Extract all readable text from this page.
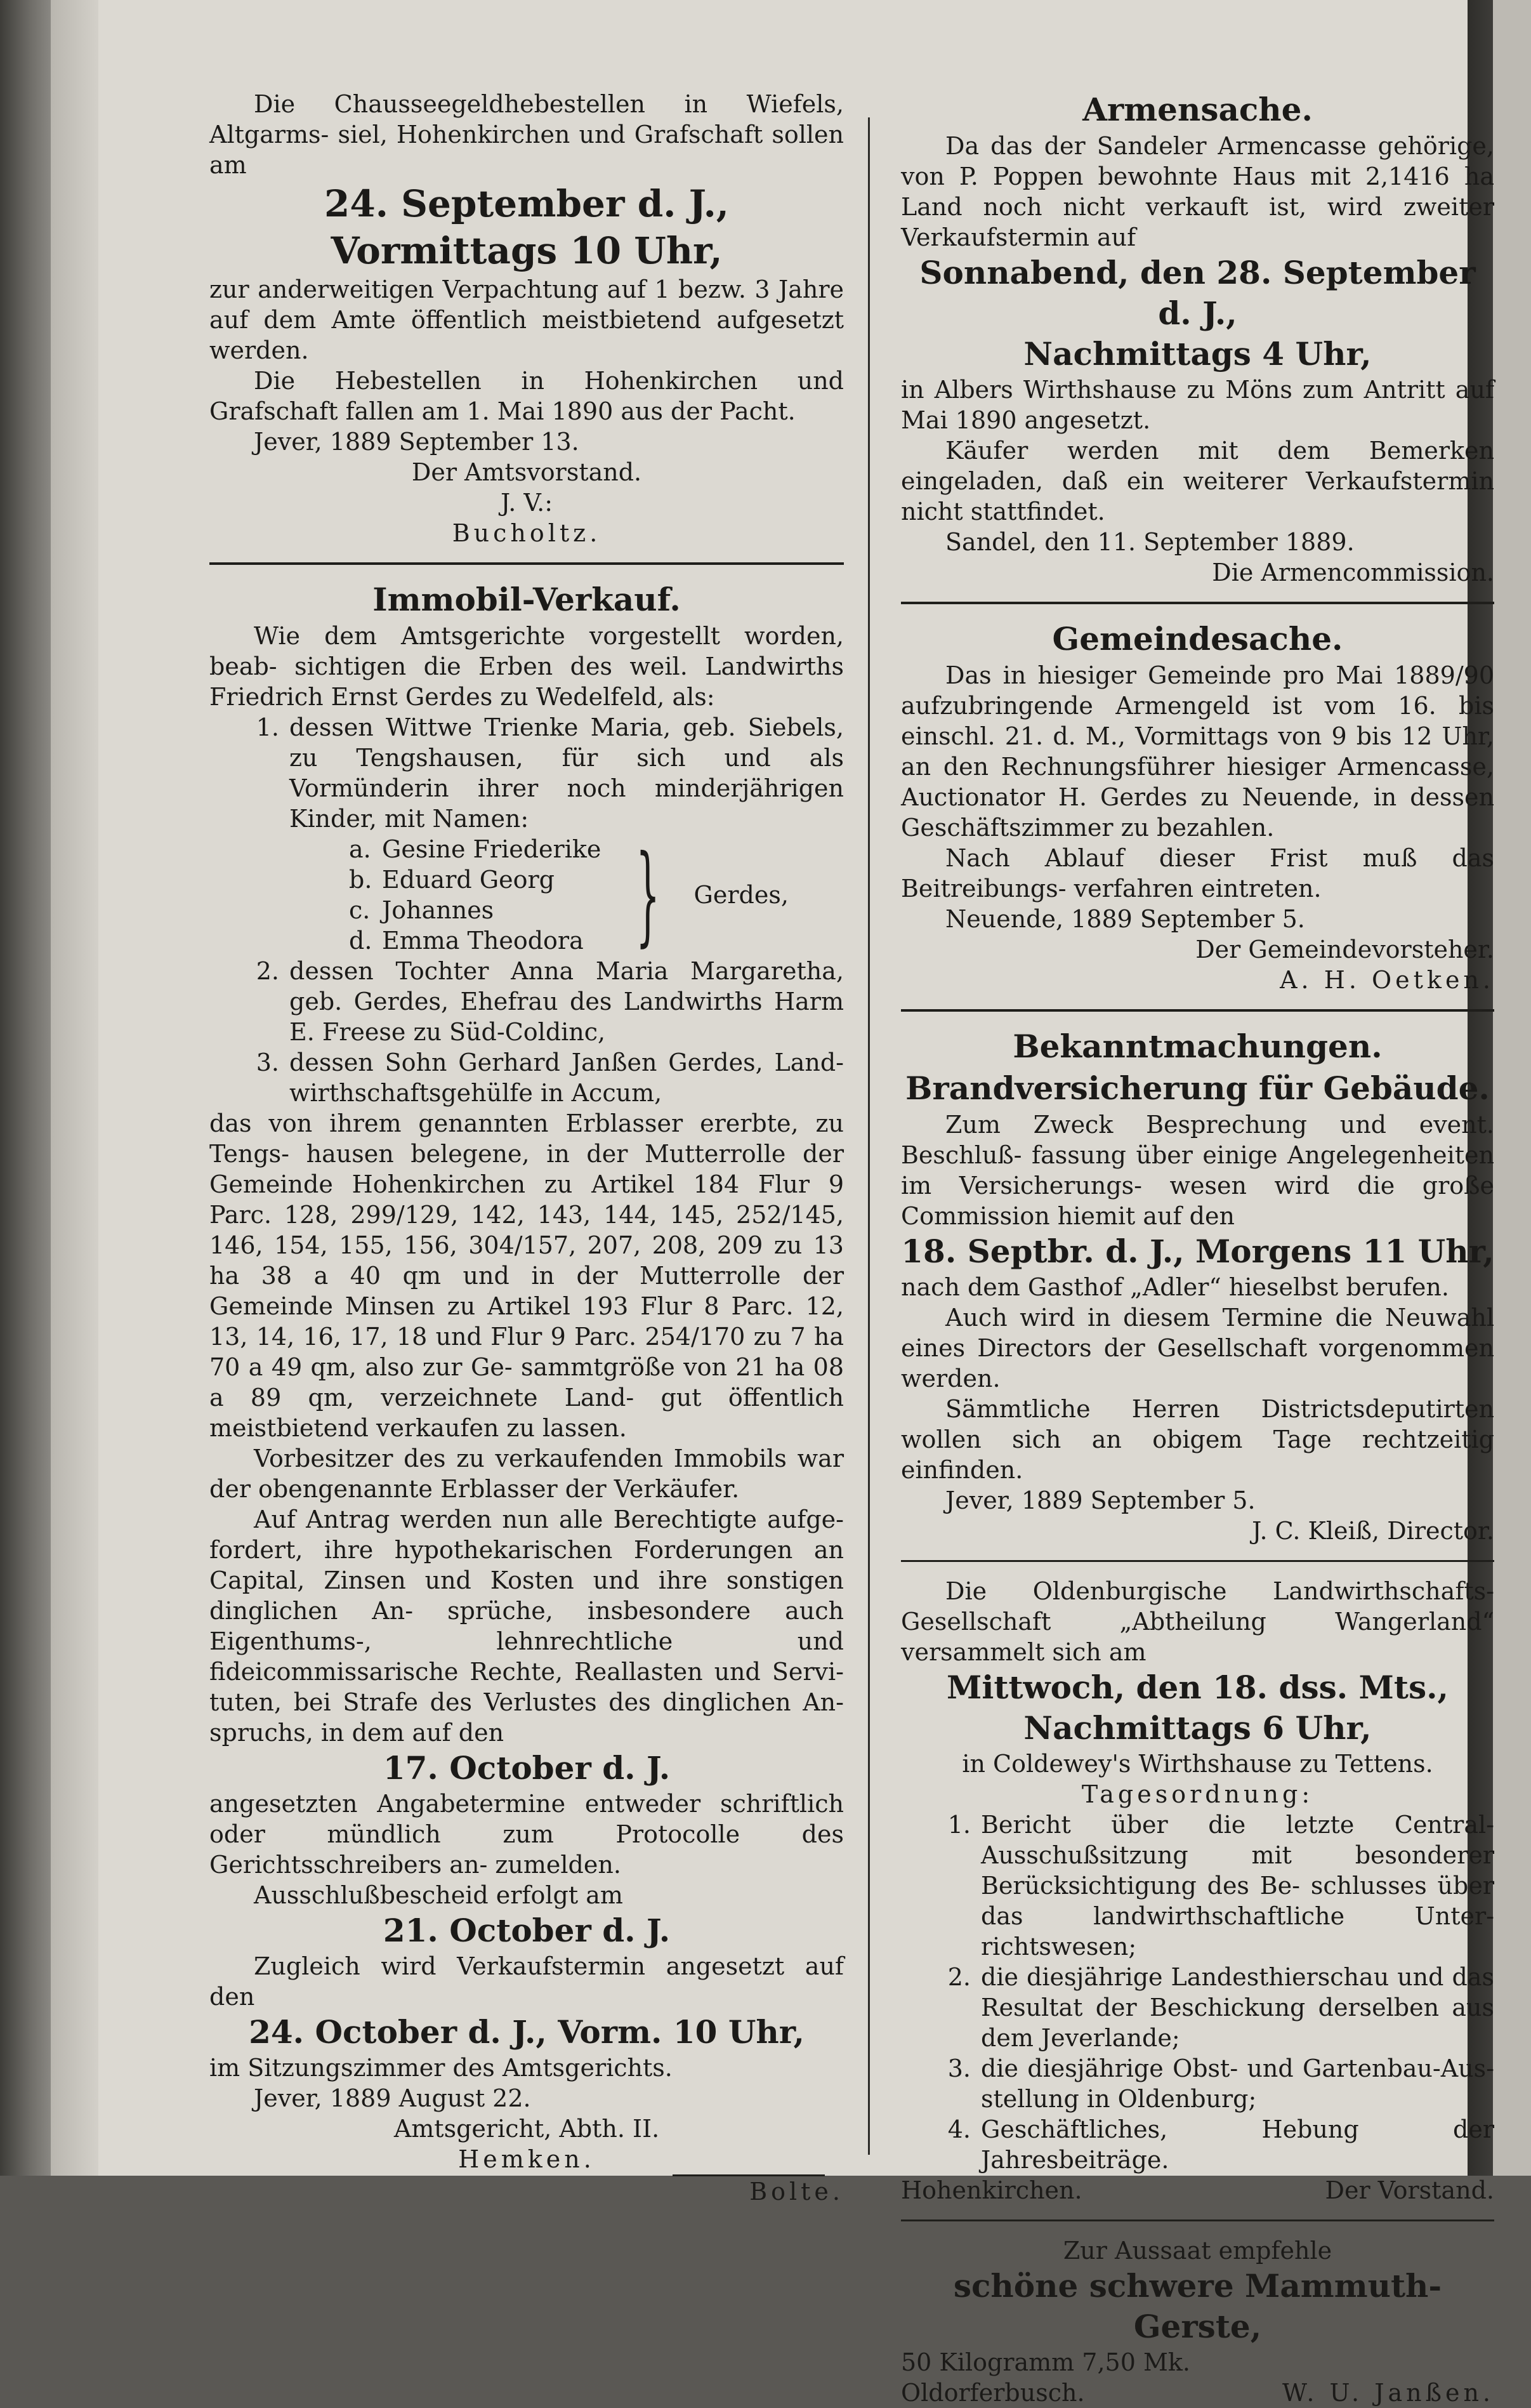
Die Chausseegeldhebestellen in Wiefels, Altgarms- siel, Hohenkirchen und Grafschaft sollen am

24. September d. J.,
Vormittags 10 Uhr,

zur anderweitigen Verpachtung auf 1 bezw. 3 Jahre auf dem Amte öffentlich meistbietend aufgesetzt werden.

Die Hebestellen in Hohenkirchen und Grafschaft fallen am 1. Mai 1890 aus der Pacht.

Jever, 1889 September 13.

Der Amtsvorstand.

J. V.:

Bucholtz.

Immobil-Verkauf.

Wie dem Amtsgerichte vorgestellt worden, beab- sichtigen die Erben des weil. Landwirths Friedrich Ernst Gerdes zu Wedelfeld, als:

1. dessen Wittwe Trienke Maria, geb. Siebels, zu Tengshausen, für sich und als Vormünderin ihrer noch minderjährigen Kinder, mit Namen:
a. Gesine Friederike
b. Eduard Georg
c. Johannes
d. Emma Theodora } Gerdes,
2. dessen Tochter Anna Maria Margaretha, geb. Gerdes, Ehefrau des Landwirths Harm E. Freese zu Süd-Coldinc,
3. dessen Sohn Gerhard Janßen Gerdes, Land- wirthschaftsgehülfe in Accum,

das von ihrem genannten Erblasser ererbte, zu Tengs- hausen belegene, in der Mutterrolle der Gemeinde Hohenkirchen zu Artikel 184 Flur 9 Parc. 128, 299/129, 142, 143, 144, 145, 252/145, 146, 154, 155, 156, 304/157, 207, 208, 209 zu 13 ha 38 a 40 qm und in der Mutterrolle der Gemeinde Minsen zu Artikel 193 Flur 8 Parc. 12, 13, 14, 16, 17, 18 und Flur 9 Parc. 254/170 zu 7 ha 70 a 49 qm, also zur Ge- sammtgröße von 21 ha 08 a 89 qm, verzeichnete Land- gut öffentlich meistbietend verkaufen zu lassen.

Vorbesitzer des zu verkaufenden Immobils war der obengenannte Erblasser der Verkäufer.

Auf Antrag werden nun alle Berechtigte aufge- fordert, ihre hypothekarischen Forderungen an Capital, Zinsen und Kosten und ihre sonstigen dinglichen An- sprüche, insbesondere auch Eigenthums-, lehnrechtliche und fideicommissarische Rechte, Reallasten und Servi- tuten, bei Strafe des Verlustes des dinglichen An- spruchs, in dem auf den

17. October d. J.

angesetzten Angabetermine entweder schriftlich oder mündlich zum Protocolle des Gerichtsschreibers an- zumelden.

Ausschlußbescheid erfolgt am

21. October d. J.

Zugleich wird Verkaufstermin angesetzt auf den

24. October d. J., Vorm. 10 Uhr,

im Sitzungszimmer des Amtsgerichts.

Jever, 1889 August 22.

Amtsgericht, Abth. II.

Hemken.

Bolte.

Armensache.

Da das der Sandeler Armencasse gehörige, von P. Poppen bewohnte Haus mit 2,1416 ha Land noch nicht verkauft ist, wird zweiter Verkaufstermin auf

Sonnabend, den 28. September d. J.,
Nachmittags 4 Uhr,

in Albers Wirthshause zu Möns zum Antritt auf Mai 1890 angesetzt.

Käufer werden mit dem Bemerken eingeladen, daß ein weiterer Verkaufstermin nicht stattfindet.

Sandel, den 11. September 1889.

Die Armencommission.

Gemeindesache.

Das in hiesiger Gemeinde pro Mai 1889/90 aufzubringende Armengeld ist vom 16. bis einschl. 21. d. M., Vormittags von 9 bis 12 Uhr, an den Rechnungsführer hiesiger Armencasse, Auctionator H. Gerdes zu Neuende, in dessen Geschäftszimmer zu bezahlen.

Nach Ablauf dieser Frist muß das Beitreibungs- verfahren eintreten.

Neuende, 1889 September 5.

Der Gemeindevorsteher.

A. H. Oetken.

Bekanntmachungen.
Brandversicherung für Gebäude.

Zum Zweck Besprechung und event. Beschluß- fassung über einige Angelegenheiten im Versicherungs- wesen wird die große Commission hiemit auf den

18. Septbr. d. J., Morgens 11 Uhr,

nach dem Gasthof „Adler“ hieselbst berufen.

Auch wird in diesem Termine die Neuwahl eines Directors der Gesellschaft vorgenommen werden.

Sämmtliche Herren Districtsdeputirten wollen sich an obigem Tage rechtzeitig einfinden.

Jever, 1889 September 5.

J. C. Kleiß, Director.

Die Oldenburgische Landwirthschafts-Gesellschaft „Abtheilung Wangerland“ versammelt sich am

Mittwoch, den 18. dss. Mts.,
Nachmittags 6 Uhr,

in Coldewey's Wirthshause zu Tettens.

Tagesordnung:

1. Bericht über die letzte Central-Ausschußsitzung mit besonderer Berücksichtigung des Be- schlusses über das landwirthschaftliche Unter- richtswesen;
2. die diesjährige Landesthierschau und das Resultat der Beschickung derselben aus dem Jeverlande;
3. die diesjährige Obst- und Gartenbau-Aus- stellung in Oldenburg;
4. Geschäftliches, Hebung der Jahresbeiträge.
Hohenkirchen.	Der Vorstand.

Zur Aussaat empfehle

schöne schwere Mammuth-Gerste,

50 Kilogramm 7,50 Mk.

Oldorferbusch.	W. U. Janßen.
